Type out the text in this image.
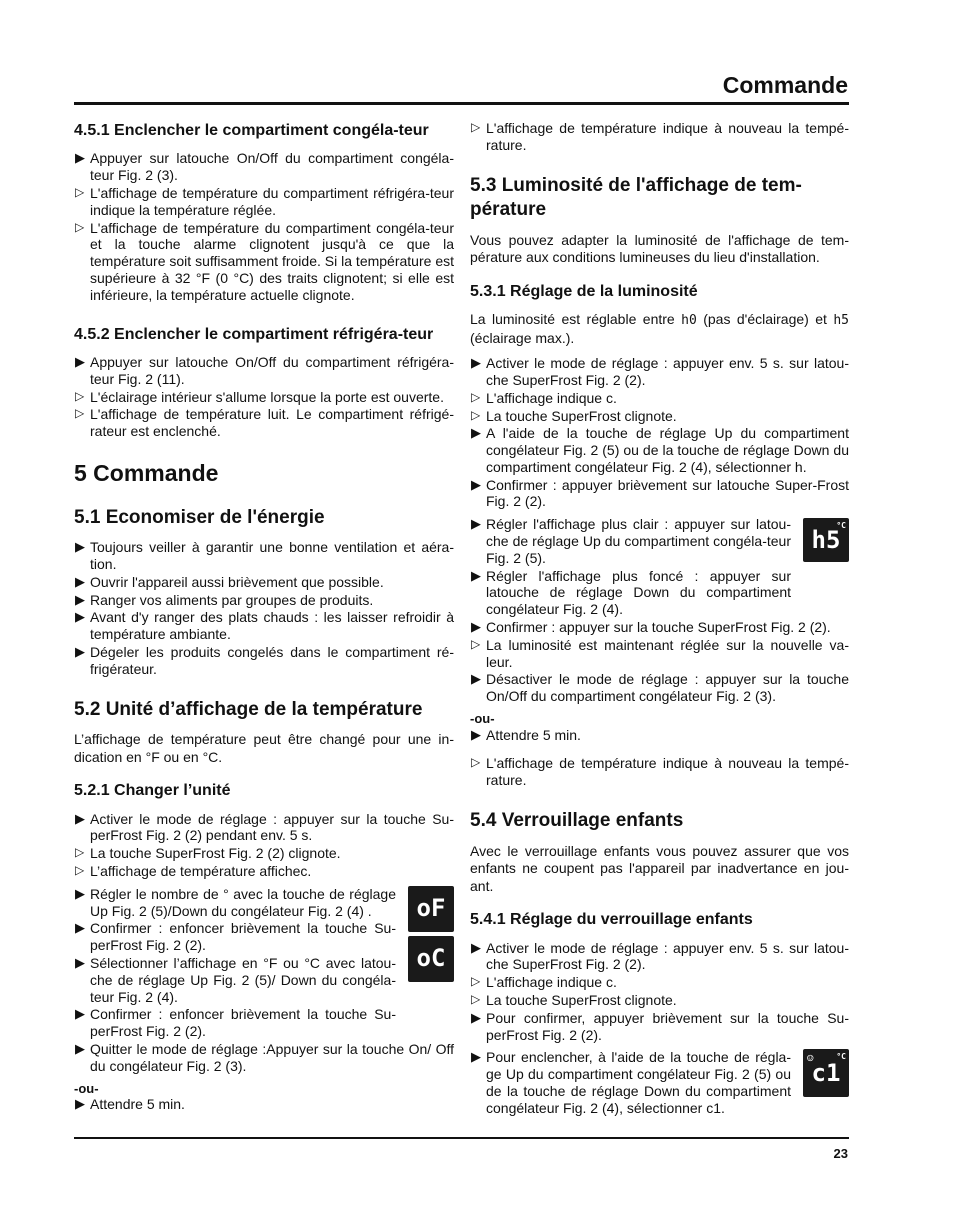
Commande
4.5.1 Enclencher le compartiment congéla-teur
▶ Appuyer sur latouche On/Off du compartiment congéla-teur Fig. 2 (3).
▷ L'affichage de température du compartiment réfrigéra-teur indique la température réglée.
▷ L'affichage de température du compartiment congéla-teur et la touche alarme clignotent jusqu'à ce que la température soit suffisamment froide. Si la température est supérieure à 32 °F (0 °C) des traits clignotent; si elle est inférieure, la température actuelle clignote.
4.5.2 Enclencher le compartiment réfrigéra-teur
▶ Appuyer sur latouche On/Off du compartiment réfrigéra-teur Fig. 2 (11).
▷ L'éclairage intérieur s'allume lorsque la porte est ouverte.
▷ L'affichage de température luit. Le compartiment réfrigé-rateur est enclenché.
5 Commande
5.1 Economiser de l'énergie
▶ Toujours veiller à garantir une bonne ventilation et aéra-tion.
▶ Ouvrir l'appareil aussi brièvement que possible.
▶ Ranger vos aliments par groupes de produits.
▶ Avant d'y ranger des plats chauds : les laisser refroidir à température ambiante.
▶ Dégeler les produits congelés dans le compartiment ré-frigérateur.
5.2 Unité d’affichage de la température

L’affichage de température peut être changé pour une in-dication en °F ou en °C.

5.2.1 Changer l’unité
▶ Activer le mode de réglage : appuyer sur la touche Su-perFrost Fig. 2 (2) pendant env. 5 s.
▷ La touche SuperFrost Fig. 2 (2) clignote.
▷ L’affichage de température affichec.
oF
oC
▶ Régler le nombre de ° avec la touche de réglage Up Fig. 2 (5)/Down du congélateur Fig. 2 (4) .
▶ Confirmer : enfoncer brièvement la touche Su-perFrost Fig. 2 (2).
▶ Sélectionner l’affichage en °F ou °C avec latou-che de réglage Up Fig. 2 (5)/ Down du congéla-teur Fig. 2 (4).
▶ Confirmer : enfoncer brièvement la touche Su-perFrost Fig. 2 (2).
▶ Quitter le mode de réglage :Appuyer sur la touche On/ Off du congélateur Fig. 2 (3).
-ou-
▶ Attendre 5 min.
▷ L'affichage de température indique à nouveau la tempé-rature.
5.3 Luminosité de l'affichage de tem-pérature

Vous pouvez adapter la luminosité de l'affichage de tem-pérature aux conditions lumineuses du lieu d'installation.

5.3.1 Réglage de la luminosité

La luminosité est réglable entre h0 (pas d'éclairage) et h5 (éclairage max.).

▶ Activer le mode de réglage : appuyer env. 5 s. sur latou-che SuperFrost Fig. 2 (2).
▷ L'affichage indique c.
▷ La touche SuperFrost clignote.
▶ A l'aide de la touche de réglage Up du compartiment congélateur Fig. 2 (5) ou de la touche de réglage Down du compartiment congélateur Fig. 2 (4), sélectionner h.
▶ Confirmer : appuyer brièvement sur latouche Super-Frost Fig. 2 (2).
°C
h5
▶ Régler l'affichage plus clair : appuyer sur latou-che de réglage Up du compartiment congéla-teur Fig. 2 (5).
▶ Régler l'affichage plus foncé : appuyer sur latouche de réglage Down du compartiment congélateur Fig. 2 (4).
▶ Confirmer : appuyer sur la touche SuperFrost Fig. 2 (2).
▷ La luminosité est maintenant réglée sur la nouvelle va-leur.
▶ Désactiver le mode de réglage : appuyer sur la touche On/Off du compartiment congélateur Fig. 2 (3).
-ou-
▶ Attendre 5 min.
▷ L'affichage de température indique à nouveau la tempé-rature.
5.4 Verrouillage enfants

Avec le verrouillage enfants vous pouvez assurer que vos enfants ne coupent pas l'appareil par inadvertance en jou-ant.

5.4.1 Réglage du verrouillage enfants
▶ Activer le mode de réglage : appuyer env. 5 s. sur latou-che SuperFrost Fig. 2 (2).
▷ L'affichage indique c.
▷ La touche SuperFrost clignote.
▶ Pour confirmer, appuyer brièvement sur la touche Su-perFrost Fig. 2 (2).
☺	°C
c1
▶ Pour enclencher, à l'aide de la touche de régla-ge Up du compartiment congélateur Fig. 2 (5) ou de la touche de réglage Down du compartiment congélateur Fig. 2 (4), sélectionner c1.
23
